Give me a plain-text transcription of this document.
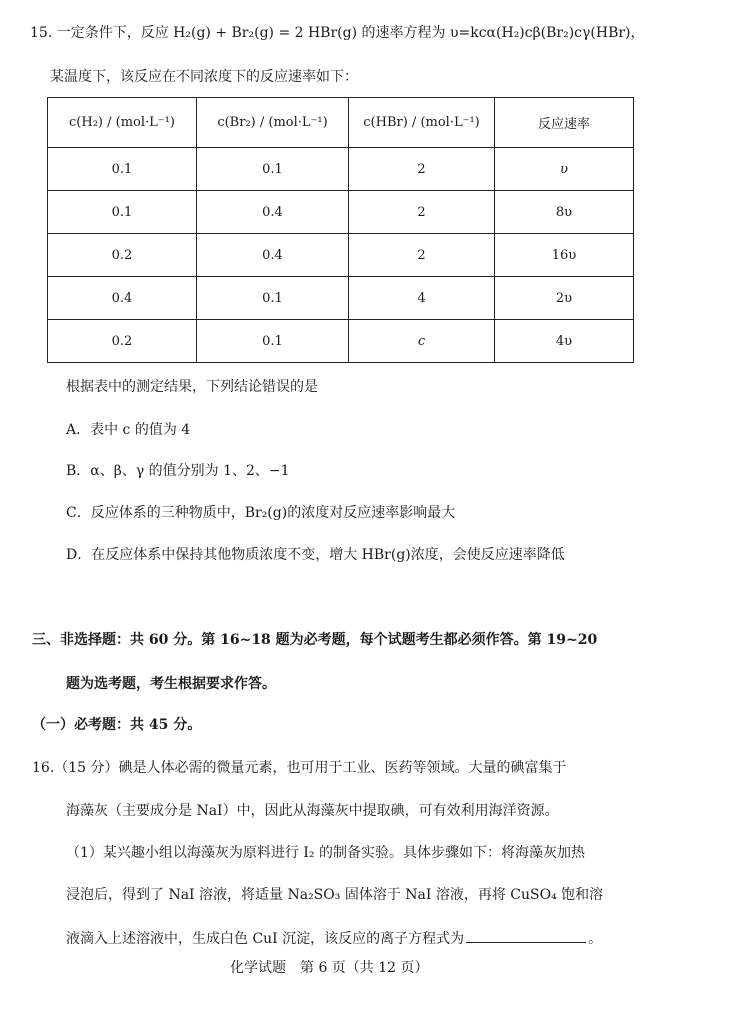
15. 一定条件下，反应 H₂(g) + Br₂(g) = 2 HBr(g) 的速率方程为 υ=kcα(H₂)cβ(Br₂)cγ(HBr)，
某温度下，该反应在不同浓度下的反应速率如下：
c(H₂) / (mol·L⁻¹)	c(Br₂) / (mol·L⁻¹)	c(HBr) / (mol·L⁻¹)	反应速率
0.1	0.1	2	υ
0.1	0.4	2	8υ
0.2	0.4	2	16υ
0.4	0.1	4	2υ
0.2	0.1	c	4υ
根据表中的测定结果，下列结论错误的是
A．表中 c 的值为 4
B．α、β、γ 的值分别为 1、2、−1
C．反应体系的三种物质中，Br₂(g)的浓度对反应速率影响最大
D．在反应体系中保持其他物质浓度不变，增大 HBr(g)浓度，会使反应速率降低
三、非选择题：共 60 分。第 16~18 题为必考题，每个试题考生都必须作答。第 19~20
题为选考题，考生根据要求作答。
（一）必考题：共 45 分。
16.（15 分）碘是人体必需的微量元素，也可用于工业、医药等领域。大量的碘富集于
海藻灰（主要成分是 NaI）中，因此从海藻灰中提取碘，可有效利用海洋资源。
（1）某兴趣小组以海藻灰为原料进行 I₂ 的制备实验。具体步骤如下：将海藻灰加热
浸泡后，得到了 NaI 溶液，将适量 Na₂SO₃ 固体溶于 NaI 溶液，再将 CuSO₄ 饱和溶
液滴入上述溶液中，生成白色 CuI 沉淀，该反应的离子方程式为	。
化学试题　第 6 页（共 12 页）
